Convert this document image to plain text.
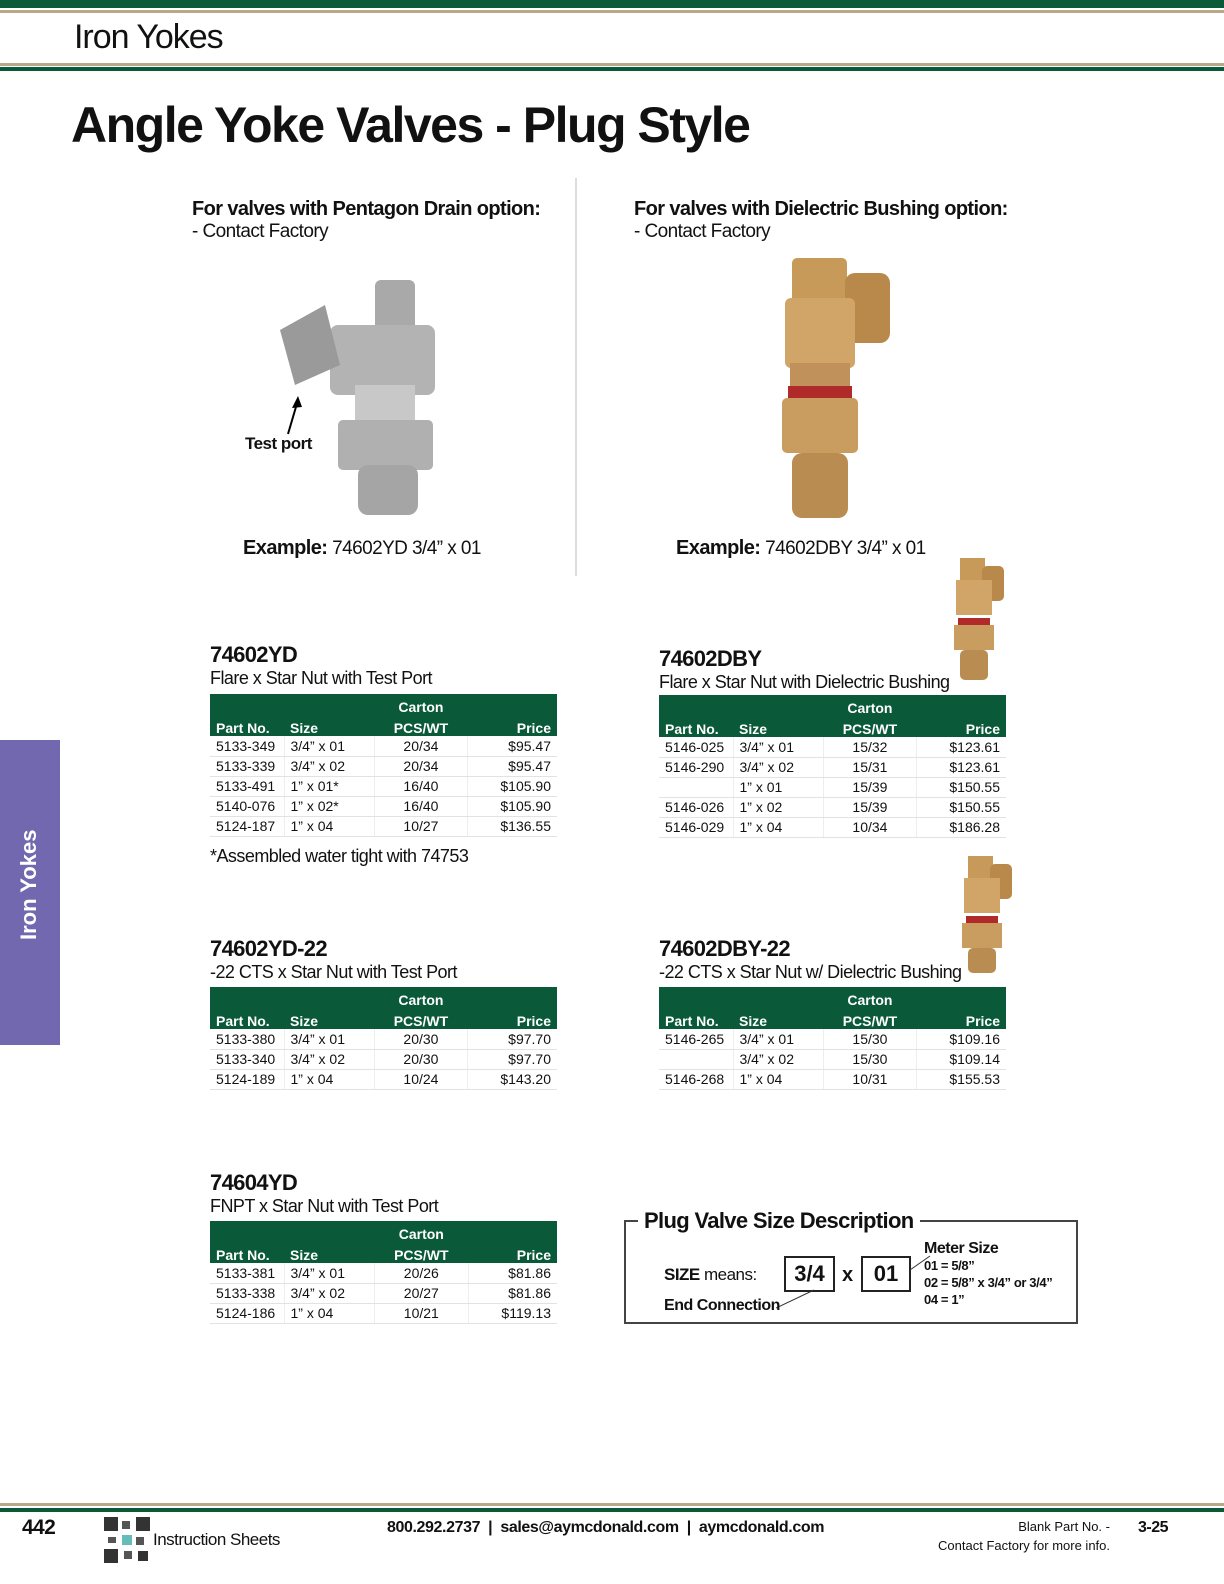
Iron Yokes
Angle Yoke Valves - Plug Style
For valves with Pentagon Drain option:
- Contact Factory
Test port
Example: 74602YD 3/4” x 01
For valves with Dielectric Bushing option:
- Contact Factory
Example: 74602DBY 3/4” x 01
74602YD
Flare x Star Nut with Test Port
		Carton	
Part No.	Size	PCS/WT	Price
5133-349	3/4” x 01	20/34	$95.47
5133-339	3/4” x 02	20/34	$95.47
5133-491	1” x 01*	16/40	$105.90
5140-076	1” x 02*	16/40	$105.90
5124-187	1” x 04	10/27	$136.55
74602DBY
Flare x Star Nut with Dielectric Bushing
		Carton	
Part No.	Size	PCS/WT	Price
5146-025	3/4” x 01	15/32	$123.61
5146-290	3/4” x 02	15/31	$123.61
	1” x 01	15/39	$150.55
5146-026	1” x 02	15/39	$150.55
5146-029	1” x 04	10/34	$186.28
74602YD-22
-22 CTS x Star Nut with Test Port
		Carton	
Part No.	Size	PCS/WT	Price
5133-380	3/4” x 01	20/30	$97.70
5133-340	3/4” x 02	20/30	$97.70
5124-189	1” x 04	10/24	$143.20
74602DBY-22
-22 CTS x Star Nut w/ Dielectric Bushing
		Carton	
Part No.	Size	PCS/WT	Price
5146-265	3/4” x 01	15/30	$109.16
	3/4” x 02	15/30	$109.14
5146-268	1” x 04	10/31	$155.53
74604YD
FNPT x Star Nut with Test Port
		Carton	
Part No.	Size	PCS/WT	Price
5133-381	3/4” x 01	20/26	$81.86
5133-338	3/4” x 02	20/27	$81.86
5124-186	1” x 04	10/21	$119.13
*Assembled water tight with 74753
Iron Yokes
Plug Valve Size Description
SIZE means:	3/4 x 01
End Connection
Meter Size
01 = 5/8”
02 = 5/8” x 3/4” or 3/4”
04 = 1”
442
Instruction Sheets
800.292.2737  |  sales@aymcdonald.com  |  aymcdonald.com	Blank Part No. -
Contact Factory for more info.
3-25
